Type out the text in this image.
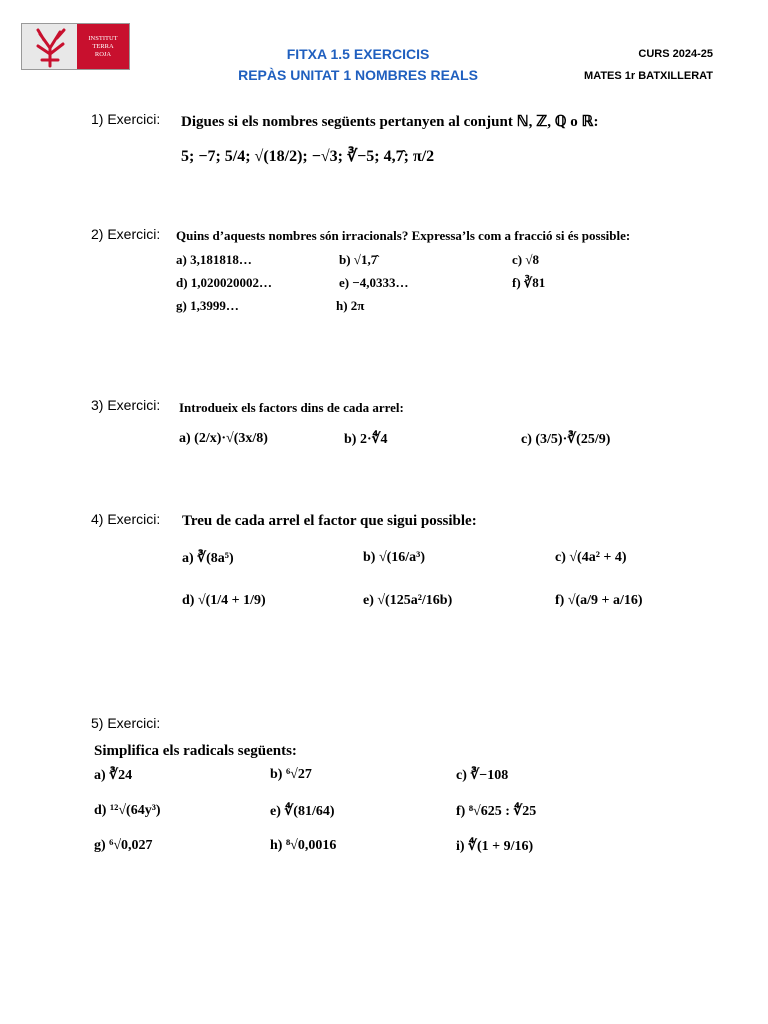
INSTITUT
TERRA
ROJA	FITXA 1.5 EXERCICIS
REPÀS UNITAT 1 NOMBRES REALS
CURS 2024-25
MATES 1r BATXILLERAT
1) Exercici: Digues si els nombres següents pertanyen al conjunt ℕ, ℤ, ℚ o ℝ:
5; −7; 5/4; √(18/2); −√3; ∛−5; 4,7̂; π/2
2) Exercici: Quins d’aquests nombres són irracionals? Expressa’ls com a fracció si és possible:
a) 3,181818…	b) √1,7̂	c) √8
d) 1,020020002…	e) −4,0333…	f) ∛81
g) 1,3999…	h) 2π
3) Exercici: Introdueix els factors dins de cada arrel:
a) (2/x)·√(3x/8)	b) 2·∜4	c) (3/5)·∛(25/9)
4) Exercici: Treu de cada arrel el factor que sigui possible:
a) ∛(8a⁵)	b) √(16/a³)	c) √(4a² + 4)
d) √(1/4 + 1/9)	e) √(125a²/16b)	f) √(a/9 + a/16)
5) Exercici:
Simplifica els radicals següents:
a) ∛24	b) ⁶√27	c) ∛−108
d) ¹²√(64y³)	e) ∜(81/64)	f) ⁸√625 : ∜25
g) ⁶√0,027	h) ⁸√0,0016	i) ∜(1 + 9/16)
